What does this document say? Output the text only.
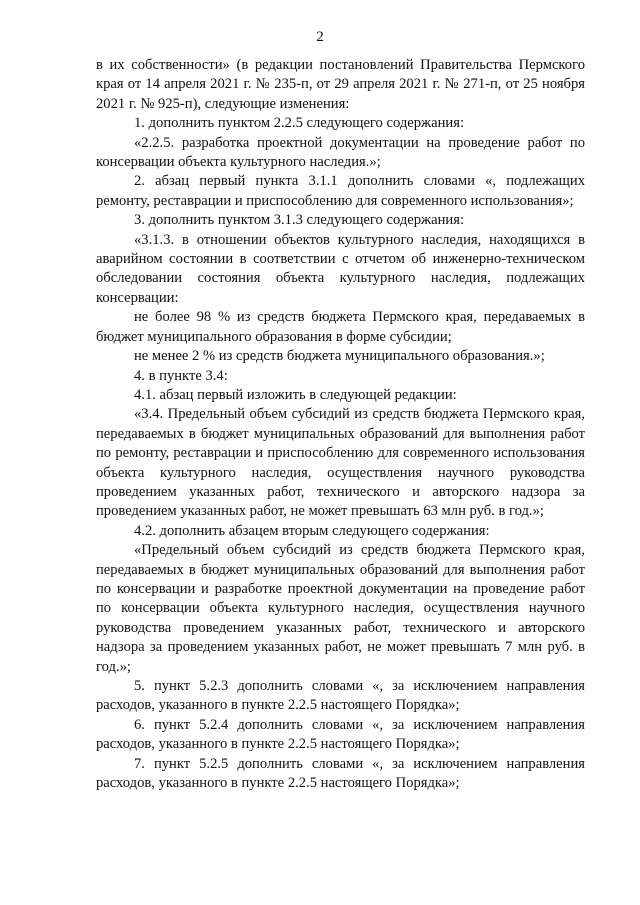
2

в их собственности» (в редакции постановлений Правительства Пермского края от 14 апреля 2021 г. № 235-п, от 29 апреля 2021 г. № 271-п, от 25 ноября 2021 г. № 925-п), следующие изменения:

1. дополнить пунктом 2.2.5 следующего содержания:

«2.2.5. разработка проектной документации на проведение работ по консервации объекта культурного наследия.»;

2. абзац первый пункта 3.1.1 дополнить словами «, подлежащих ремонту, реставрации и приспособлению для современного использования»;

3. дополнить пунктом 3.1.3 следующего содержания:

«3.1.3. в отношении объектов культурного наследия, находящихся в аварийном состоянии в соответствии с отчетом об инженерно-техническом обследовании состояния объекта культурного наследия, подлежащих консервации:

не более 98 % из средств бюджета Пермского края, передаваемых в бюджет муниципального образования в форме субсидии;

не менее 2 % из средств бюджета муниципального образования.»;

4. в пункте 3.4:

4.1. абзац первый изложить в следующей редакции:

«3.4. Предельный объем субсидий из средств бюджета Пермского края, передаваемых в бюджет муниципальных образований для выполнения работ по ремонту, реставрации и приспособлению для современного использования объекта культурного наследия, осуществления научного руководства проведением указанных работ, технического и авторского надзора за проведением указанных работ, не может превышать 63 млн руб. в год.»;

4.2. дополнить абзацем вторым следующего содержания:

«Предельный объем субсидий из средств бюджета Пермского края, передаваемых в бюджет муниципальных образований для выполнения работ по консервации и разработке проектной документации на проведение работ по консервации объекта культурного наследия, осуществления научного руководства проведением указанных работ, технического и авторского надзора за проведением указанных работ, не может превышать 7 млн руб. в год.»;

5. пункт 5.2.3 дополнить словами «, за исключением направления расходов, указанного в пункте 2.2.5 настоящего Порядка»;

6. пункт 5.2.4 дополнить словами «, за исключением направления расходов, указанного в пункте 2.2.5 настоящего Порядка»;

7. пункт 5.2.5 дополнить словами «, за исключением направления расходов, указанного в пункте 2.2.5 настоящего Порядка»;
